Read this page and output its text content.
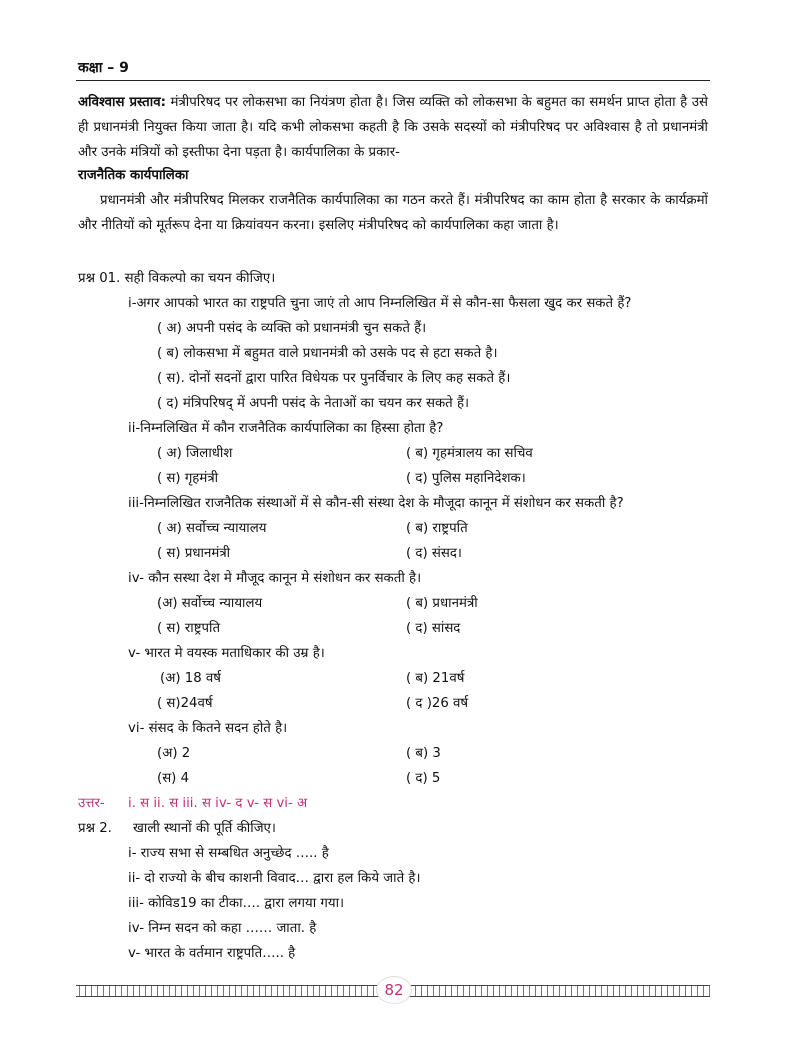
कक्षा – 9
अविश्वास प्रस्ताव: मंत्रीपरिषद पर लोकसभा का नियंत्रण होता है। जिस व्यक्ति को लोकसभा के बहुमत का समर्थन प्राप्त होता है उसे ही प्रधानमंत्री नियुक्त किया जाता है। यदि कभी लोकसभा कहती है कि उसके सदस्यों को मंत्रीपरिषद पर अविश्वास है तो प्रधानमंत्री और उनके मंत्रियों को इस्तीफा देना पड़ता है। कार्यपालिका के प्रकार-
राजनैतिक कार्यपालिका
प्रधानमंत्री और मंत्रीपरिषद मिलकर राजनैतिक कार्यपालिका का गठन करते हैं। मंत्रीपरिषद का काम होता है सरकार के कार्यक्रमों और नीतियों को मूर्तरूप देना या क्रियांवयन करना। इसलिए मंत्रीपरिषद को कार्यपालिका कहा जाता है।
प्रश्न 01. सही विकल्पो का चयन कीजिए।
i-अगर आपको भारत का राष्ट्रपति चुना जाएं तो आप निम्नलिखित में से कौन-सा फैसला खुद कर सकते हैं?
( अ) अपनी पसंद के व्यक्ति को प्रधानमंत्री चुन सकते हैं।
( ब) लोकसभा में बहुमत वाले प्रधानमंत्री को उसके पद से हटा सकते है।
( स). दोनों सदनों द्वारा पारित विधेयक पर पुनर्विचार के लिए कह सकते हैं।
( द) मंत्रिपरिषद् में अपनी पसंद के नेताओं का चयन कर सकते हैं।
ii-निम्नलिखित में कौन राजनैतिक कार्यपालिका का हिस्सा होता है?
( अ) जिलाधीश	( ब) गृहमंत्रालय का सचिव
( स) गृहमंत्री	( द) पुलिस महानिदेशक।
iii-निम्नलिखित राजनैतिक संस्थाओं में से कौन-सी संस्था देश के मौजूदा कानून में संशोधन कर सकती है?
( अ) सर्वोच्च न्यायालय	( ब) राष्ट्रपति
( स) प्रधानमंत्री	( द) संसद।
iv- कौन सस्था देश मे मौजूद कानून मे संशोधन कर सकती है।
(अ) सर्वोच्च न्यायालय	( ब) प्रधानमंत्री
( स) राष्ट्रपति	( द) सांसद
v- भारत मे वयस्क मताधिकार की उम्र है।
(अ) 18 वर्ष	( ब) 21वर्ष
( स)24वर्ष	( द )26 वर्ष
vi- संसद के कितने सदन होते है।
(अ) 2	( ब) 3
(स) 4	( द) 5
उत्तर- i. स ii. स iii. स iv- द v- स vi- अ
प्रश्न 2. खाली स्थानों की पूर्ति कीजिए।
i- राज्य सभा से सम्बधित अनुच्छेद ….. है
ii- दो राज्यो के बीच काशनी विवाद… द्वारा हल किये जाते है।
iii- कोविड19 का टीका…. द्वारा लगया गया।
iv- निम्न सदन को कहा …… जाता. है
v- भारत के वर्तमान राष्ट्रपति….. है
82
